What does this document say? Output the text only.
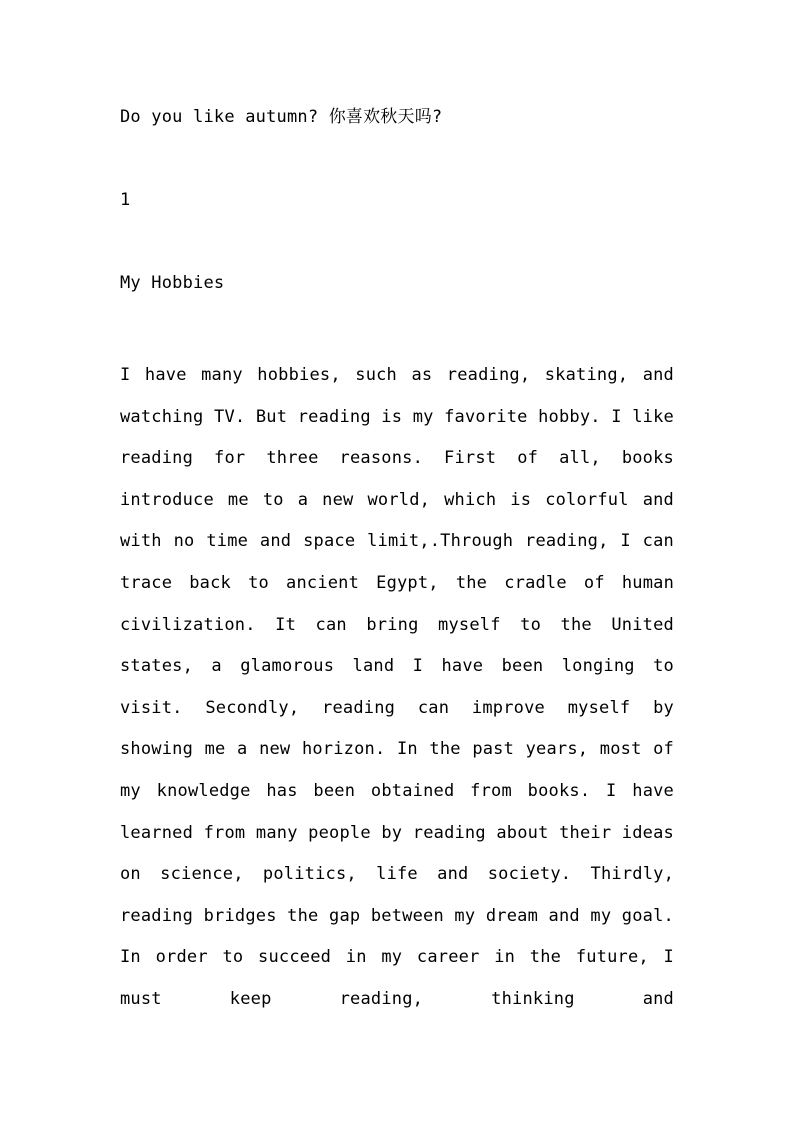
Do you like autumn? 你喜欢秋天吗?
1
My Hobbies
I have many hobbies, such as reading, skating, and watching TV. But reading is my favorite hobby. I like reading for three reasons. First of all, books introduce me to a new world, which is colorful and with no time and space limit,.Through reading, I can trace back to ancient Egypt, the cradle of human civilization. It can bring myself to the United states, a glamorous land I have been longing to visit. Secondly, reading can improve myself by showing me a new horizon. In the past years, most of my knowledge has been obtained from books. I have learned from many people by reading about their ideas on science, politics, life and society. Thirdly, reading bridges the gap between my dream and my goal. In order to succeed in my career in the future, I must keep reading, thinking and
